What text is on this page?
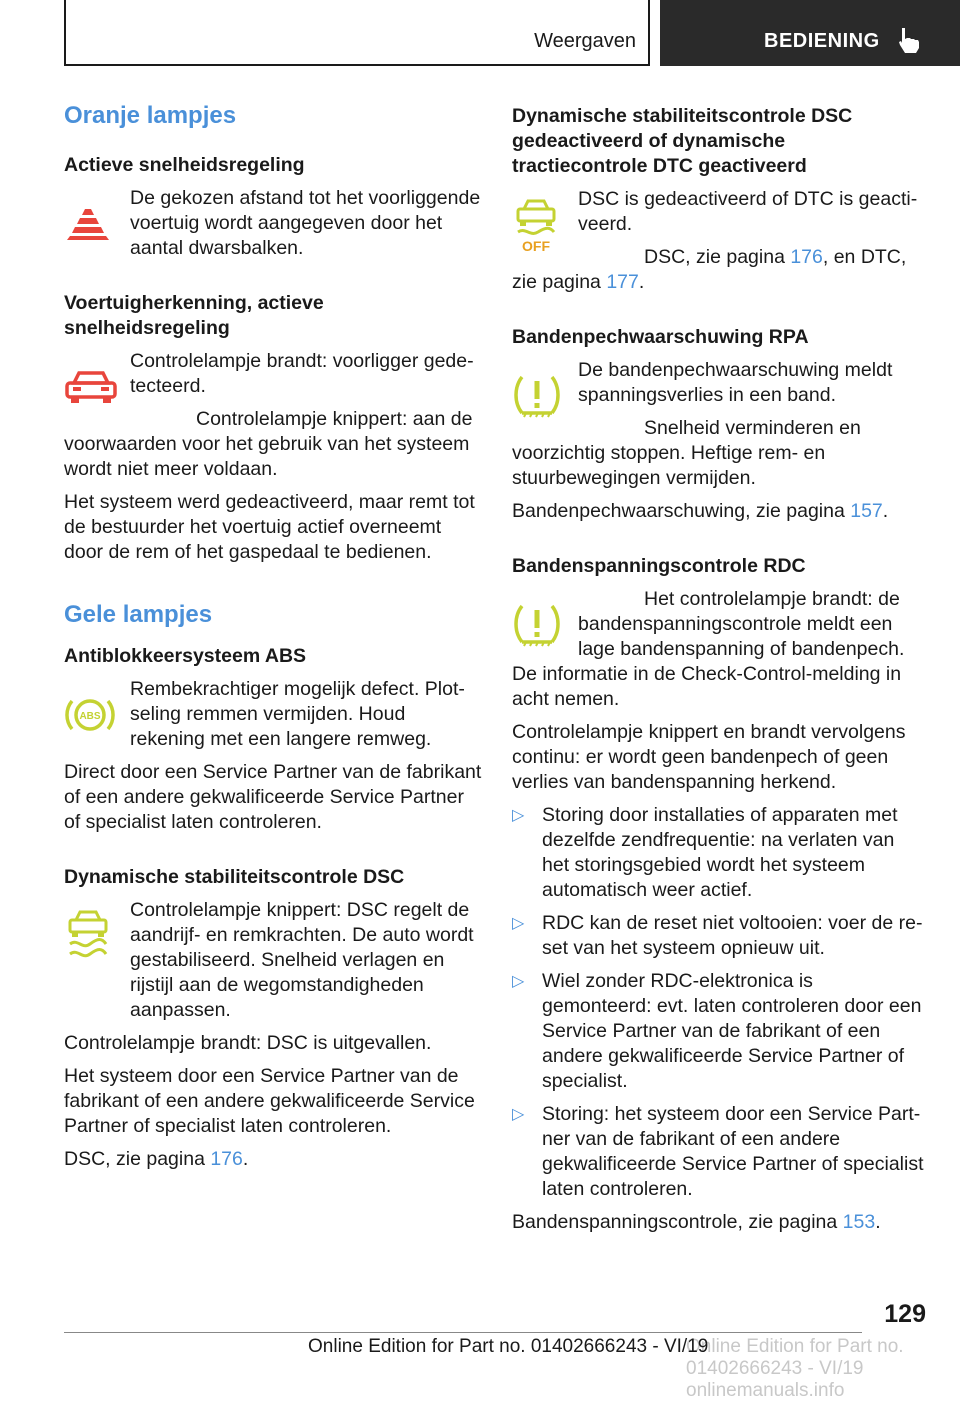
Weergaven	BEDIENING
Oranje lampjes
Actieve snelheidsregeling

De gekozen afstand tot het voorliggende voertuig wordt aangegeven door het aantal dwarsbalken.

Voertuigherkenning, actieve snelheidsregeling

Controlelampje brandt: voorligger gedetecteerd.

Controlelampje knippert: aan de voorwaarden voor het gebruik van het systeem wordt niet meer voldaan.

Het systeem werd gedeactiveerd, maar remt tot de bestuurder het voertuig actief overneemt door de rem of het gaspedaal te bedienen.

Gele lampjes
Antiblokkeersysteem ABS
ABS

Rembekrachtiger mogelijk defect. Plotseling remmen vermijden. Houd rekening met een langere remweg.

Direct door een Service Partner van de fabrikant of een andere gekwalificeerde Service Partner of specialist laten controleren.

Dynamische stabiliteitscontrole DSC

Controlelampje knippert: DSC regelt de aandrijf- en remkrachten. De auto wordt gestabiliseerd. Snelheid verlagen en rijstijl aan de wegomstandigheden aanpassen.

Controlelampje brandt: DSC is uitgevallen.

Het systeem door een Service Partner van de fabrikant of een andere gekwalificeerde Service Partner of specialist laten controleren.

DSC, zie pagina 176.

Dynamische stabiliteitscontrole DSC gedeactiveerd of dynamische tractiecontrole DTC geactiveerd
OFF

DSC is gedeactiveerd of DTC is geactiveerd.

DSC, zie pagina 176, en DTC, zie pagina 177.

Bandenpechwaarschuwing RPA

De bandenpechwaarschuwing meldt spanningsverlies in een band.

Snelheid verminderen en voorzichtig stoppen. Heftige rem- en stuurbewegingen vermijden.

Bandenpechwaarschuwing, zie pagina 157.

Bandenspanningscontrole RDC

Het controlelampje brandt: de bandenspanningscontrole meldt een lage bandenspanning of bandenpech. De informatie in de Check-Control-melding in acht nemen.

Controlelampje knippert en brandt vervolgens continu: er wordt geen bandenpech of geen verlies van bandenspanning herkend.

▷ Storing door installaties of apparaten met dezelfde zendfrequentie: na verlaten van het storingsgebied wordt het systeem automatisch weer actief.
▷ RDC kan de reset niet voltooien: voer de reset van het systeem opnieuw uit.
▷ Wiel zonder RDC-elektronica is gemonteerd: evt. laten controleren door een Service Partner van de fabrikant of een andere gekwalificeerde Service Partner of specialist.
▷ Storing: het systeem door een Service Partner van de fabrikant of een andere gekwalificeerde Service Partner of specialist laten controleren.

Bandenspanningscontrole, zie pagina 153.

129
Online Edition for Part no. 01402666243 - VI/19 onlinemanuals.info
Online Edition for Part no. 01402666243 - VI/19
